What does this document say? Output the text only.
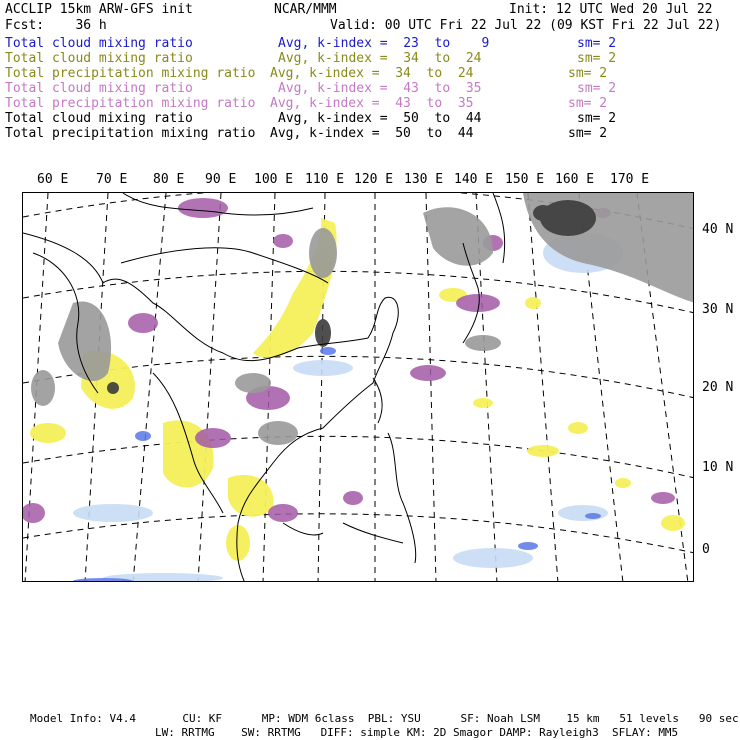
ACCLIP 15km ARW-GFS init	NCAR/MMM	Init: 12 UTC Wed 20 Jul 22
Fcst:    36 h	Valid: 00 UTC Fri 22 Jul 22 (09 KST Fri 22 Jul 22)
Total cloud mixing ratio	Avg, k-index =  23  to    9	sm= 2
Total cloud mixing ratio	Avg, k-index =  34  to  24	sm= 2
Total precipitation mixing ratio Avg, k-index =  34  to  24	sm= 2
Total cloud mixing ratio	Avg, k-index =  43  to  35	sm= 2
Total precipitation mixing ratio Avg, k-index =  43  to  35	sm= 2
Total cloud mixing ratio	Avg, k-index =  50  to  44	sm= 2
Total precipitation mixing ratio Avg, k-index =  50  to  44	sm= 2
60 E 70 E 80 E 90 E 100 E 110 E 120 E 130 E 140 E 150 E 160 E 170 E
40 N
30 N
20 N
10 N
0
Model Info: V4.4       CU: KF      MP: WDM 6class  PBL: YSU      SF: Noah LSM    15 km   51 levels   90 sec
LW: RRTMG    SW: RRTMG   DIFF: simple KM: 2D Smagor DAMP: Rayleigh3  SFLAY: MM5
